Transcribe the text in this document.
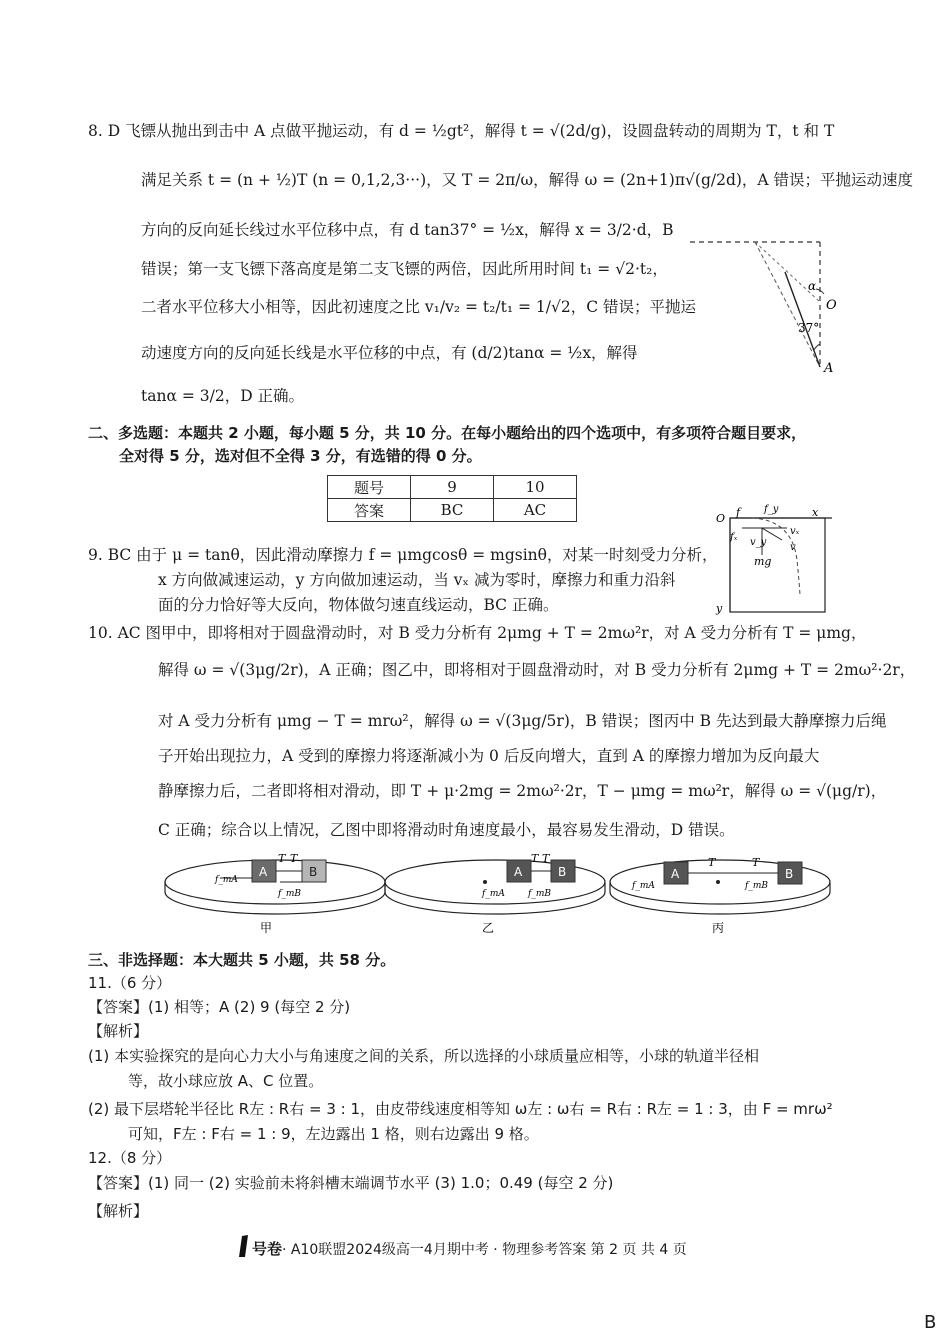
8. D 飞镖从抛出到击中 A 点做平抛运动，有 d = ½gt²，解得 t = √(2d/g)，设圆盘转动的周期为 T，t 和 T
满足关系 t = (n + ½)T (n = 0,1,2,3···)，又 T = 2π/ω，解得 ω = (2n+1)π√(g/2d)，A 错误；平抛运动速度
方向的反向延长线过水平位移中点，有 d tan37° = ½x，解得 x = 3/2·d，B
错误；第一支飞镖下落高度是第二支飞镖的两倍，因此所用时间 t₁ = √2·t₂，
二者水平位移大小相等，因此初速度之比 v₁/v₂ = t₂/t₁ = 1/√2，C 错误；平抛运
动速度方向的反向延长线是水平位移的中点，有 (d/2)tanα = ½x，解得
tanα = 3/2，D 正确。
α
O
37°
A
二、多选题：本题共 2 小题，每小题 5 分，共 10 分。在每小题给出的四个选项中，有多项符合题目要求，
全对得 5 分，选对但不全得 3 分，有选错的得 0 分。
题号	9	10
答案	BC	AC
9. BC 由于 μ = tanθ，因此滑动摩擦力 f = μmgcosθ = mgsinθ，对某一时刻受力分析，
x 方向做减速运动，y 方向做加速运动，当 vₓ 减为零时，摩擦力和重力沿斜
面的分力恰好等大反向，物体做匀速直线运动，BC 正确。
O	x
y
f f_y
fₓ
vₓ
v_y v
mg
10. AC 图甲中，即将相对于圆盘滑动时，对 B 受力分析有 2μmg + T = 2mω²r，对 A 受力分析有 T = μmg，
解得 ω = √(3μg/2r)，A 正确；图乙中，即将相对于圆盘滑动时，对 B 受力分析有 2μmg + T = 2mω²·2r，
对 A 受力分析有 μmg − T = mrω²，解得 ω = √(3μg/5r)，B 错误；图丙中 B 先达到最大静摩擦力后绳
子开始出现拉力，A 受到的摩擦力将逐渐减小为 0 后反向增大，直到 A 的摩擦力增加为反向最大
静摩擦力后，二者即将相对滑动，即 T + μ·2mg = 2mω²·2r，T − μmg = mω²r，解得 ω = √(μg/r)，
C 正确；综合以上情况，乙图中即将滑动时角速度最小，最容易发生滑动，D 错误。
A	B
T T
f_mA
f_mB
甲
A	B
T T
f_mA	f_mB
乙
A	B
T	T
f_mA	f_mB
丙
三、非选择题：本大题共 5 小题，共 58 分。
11.（6 分）
【答案】(1) 相等；A (2) 9 (每空 2 分)
【解析】
(1) 本实验探究的是向心力大小与角速度之间的关系，所以选择的小球质量应相等，小球的轨道半径相
等，故小球应放 A、C 位置。
(2) 最下层塔轮半径比 R左 : R右 = 3 : 1，由皮带线速度相等知 ω左 : ω右 = R右 : R左 = 1 : 3，由 F = mrω²
可知，F左 : F右 = 1 : 9，左边露出 1 格，则右边露出 9 格。
12.（8 分）
【答案】(1) 同一 (2) 实验前未将斜槽末端调节水平 (3) 1.0；0.49 (每空 2 分)
【解析】
号卷· A10联盟2024级高一4月期中考 · 物理参考答案 第 2 页 共 4 页
B
